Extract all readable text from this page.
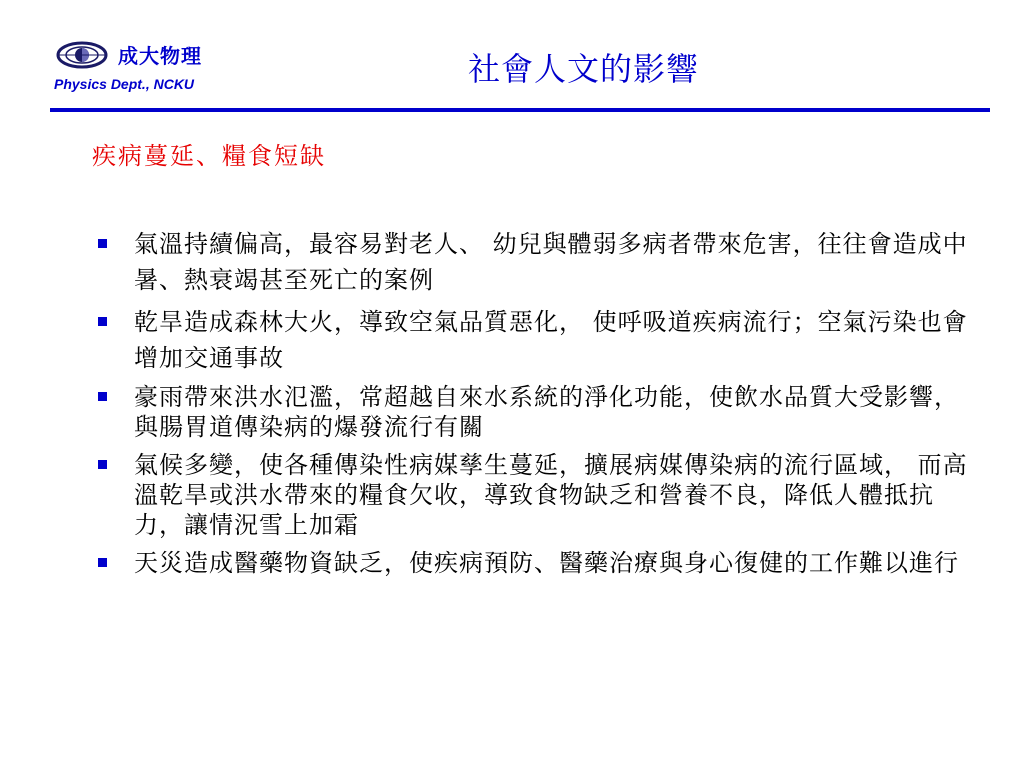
成大物理
Physics Dept., NCKU	社會人文的影響
疾病蔓延、糧食短缺
氣溫持續偏高，最容易對老人、 幼兒與體弱多病者帶來危害，往往會造成中暑、熱衰竭甚至死亡的案例
乾旱造成森林大火，導致空氣品質惡化， 使呼吸道疾病流行；空氣污染也會增加交通事故
豪雨帶來洪水氾濫，常超越自來水系統的淨化功能，使飲水品質大受影響， 與腸胃道傳染病的爆發流行有關
氣候多變，使各種傳染性病媒孳生蔓延，擴展病媒傳染病的流行區域， 而高溫乾旱或洪水帶來的糧食欠收，導致食物缺乏和營養不良，降低人體抵抗力，讓情況雪上加霜
天災造成醫藥物資缺乏，使疾病預防、醫藥治療與身心復健的工作難以進行
